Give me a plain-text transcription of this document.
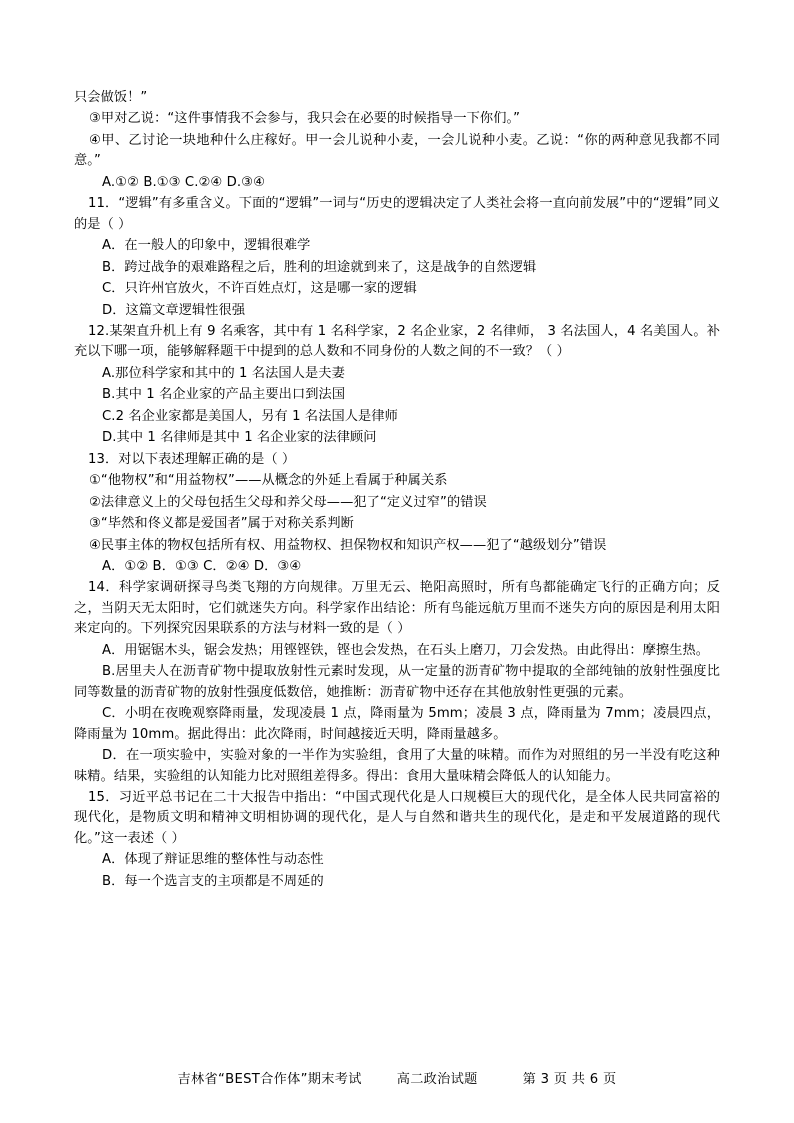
只会做饭！”

③甲对乙说：“这件事情我不会参与，我只会在必要的时候指导一下你们。”

④甲、乙讨论一块地种什么庄稼好。甲一会儿说种小麦，一会儿说种小麦。乙说：“你的两种意见我都不同意。”

A.①② B.①③ C.②④ D.③④

11．“逻辑”有多重含义。下面的“逻辑”一词与“历史的逻辑决定了人类社会将一直向前发展”中的“逻辑”同义的是（ ）

A．在一般人的印象中，逻辑很难学

B．跨过战争的艰难路程之后，胜利的坦途就到来了，这是战争的自然逻辑

C．只许州官放火，不许百姓点灯，这是哪一家的逻辑

D．这篇文章逻辑性很强

12.某架直升机上有 9 名乘客，其中有 1 名科学家，2 名企业家，2 名律师， 3 名法国人，4 名美国人。补充以下哪一项，能够解释题干中提到的总人数和不同身份的人数之间的不一致？（ ）

A.那位科学家和其中的 1 名法国人是夫妻

B.其中 1 名企业家的产品主要出口到法国

C.2 名企业家都是美国人，另有 1 名法国人是律师

D.其中 1 名律师是其中 1 名企业家的法律顾问

13．对以下表述理解正确的是（ ）

①“他物权”和“用益物权”——从概念的外延上看属于种属关系

②法律意义上的父母包括生父母和养父母——犯了“定义过窄”的错误

③“毕然和佟义都是爱国者”属于对称关系判断

④民事主体的物权包括所有权、用益物权、担保物权和知识产权——犯了“越级划分”错误

A．①② B．①③ C．②④ D．③④

14．科学家调研探寻鸟类飞翔的方向规律。万里无云、艳阳高照时，所有鸟都能确定飞行的正确方向；反之，当阴天无太阳时，它们就迷失方向。科学家作出结论：所有鸟能远航万里而不迷失方向的原因是利用太阳来定向的。下列探究因果联系的方法与材料一致的是（ ）

A．用锯锯木头，锯会发热；用铿铿铁，铿也会发热，在石头上磨刀，刀会发热。由此得出：摩擦生热。

B.居里夫人在沥青矿物中提取放射性元素时发现，从一定量的沥青矿物中提取的全部纯铀的放射性强度比同等数量的沥青矿物的放射性强度低数倍，她推断：沥青矿物中还存在其他放射性更强的元素。

C．小明在夜晚观察降雨量，发现凌晨 1 点，降雨量为 5mm；凌晨 3 点，降雨量为 7mm；凌晨四点，降雨量为 10mm。据此得出：此次降雨，时间越接近天明，降雨量越多。

D．在一项实验中，实验对象的一半作为实验组，食用了大量的味精。而作为对照组的另一半没有吃这种味精。结果，实验组的认知能力比对照组差得多。得出：食用大量味精会降低人的认知能力。

15．习近平总书记在二十大报告中指出：“中国式现代化是人口规模巨大的现代化，是全体人民共同富裕的现代化，是物质文明和精神文明相协调的现代化，是人与自然和谐共生的现代化，是走和平发展道路的现代化。”这一表述（ ）

A．体现了辩证思维的整体性与动态性

B．每一个选言支的主项都是不周延的

吉林省“BEST合作体”期末考试	高二政治试题	第 3 页 共 6 页
